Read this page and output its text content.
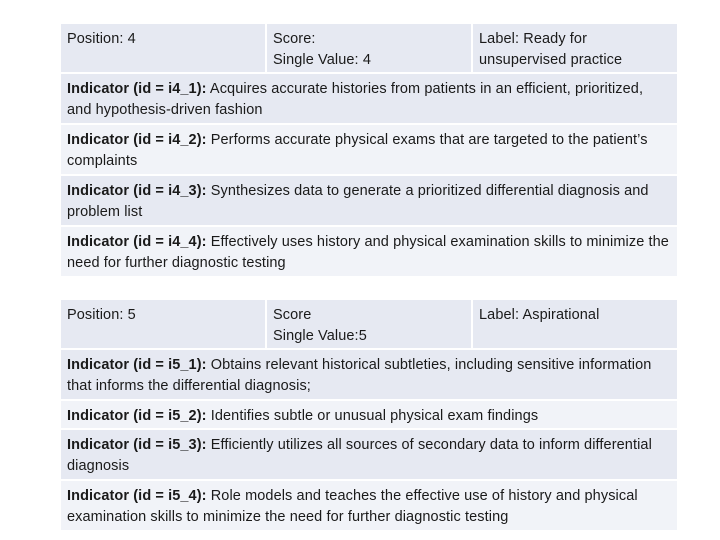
Position: 4	Score:
Single Value: 4
Label: Ready for unsupervised practice
Indicator (id = i4_1): Acquires accurate histories from patients in an efficient, prioritized, and hypothesis-driven fashion
Indicator (id = i4_2): Performs accurate physical exams that are targeted to the patient’s complaints
Indicator (id = i4_3): Synthesizes data to generate a prioritized differential diagnosis and problem list
Indicator (id = i4_4): Effectively uses history and physical examination skills to minimize the need for further diagnostic testing
Position: 5	Score
Single Value:5
Label: Aspirational
Indicator (id = i5_1): Obtains relevant historical subtleties, including sensitive information that informs the differential diagnosis;
Indicator (id = i5_2): Identifies subtle or unusual physical exam findings
Indicator (id = i5_3): Efficiently utilizes all sources of secondary data to inform differential diagnosis
Indicator (id = i5_4): Role models and teaches the effective use of history and physical examination skills to minimize the need for further diagnostic testing
